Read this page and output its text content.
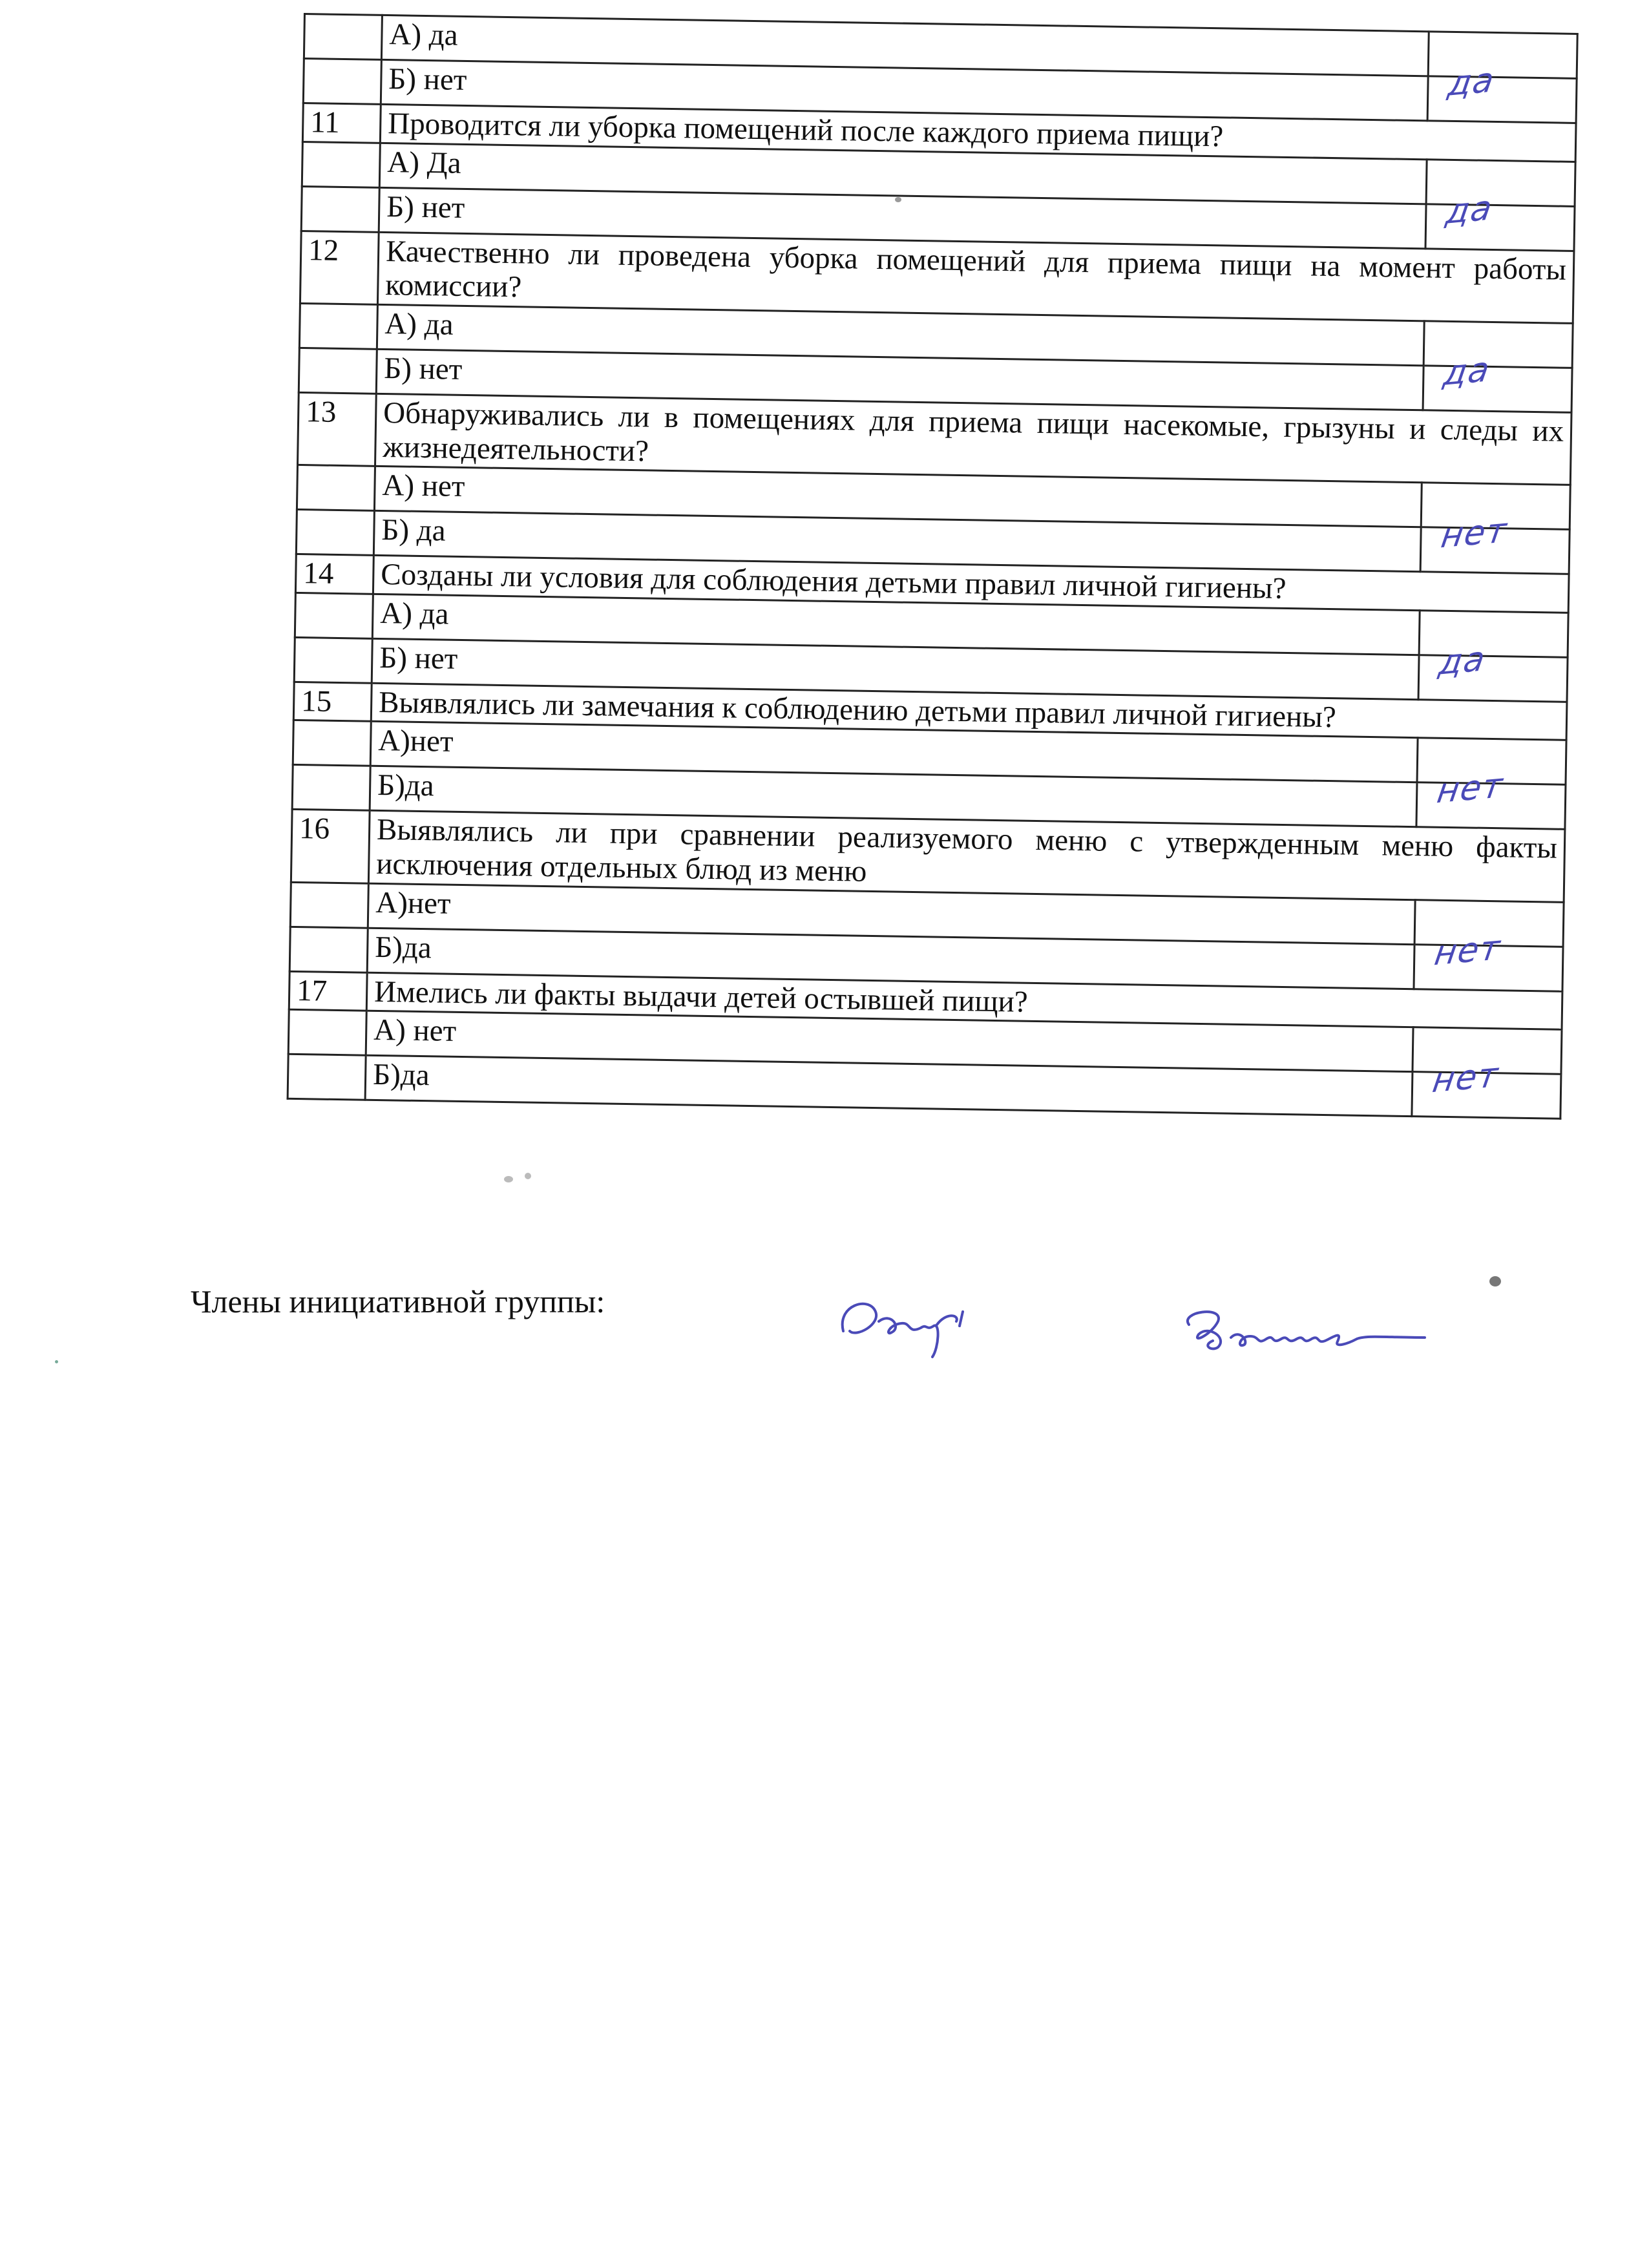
	А) да	
	Б) нет	да

11	Проводится ли уборка помещений после каждого приема пищи?	
	А) Да	
	Б) нет	да

12	Качественно ли проведена уборка помещений для приема пищи на момент работы комиссии?	
	А) да	
	Б) нет	да

13	Обнаруживались ли в помещениях для приема пищи насекомые, грызуны и следы их жизнедеятельности?	
	А) нет	
	Б) да	нет

14	Созданы ли условия для соблюдения детьми правил личной гигиены?	
	А) да	
	Б) нет	да

15	Выявлялись ли замечания к соблюдению детьми правил личной гигиены?	
	А)нет	
	Б)да	нет

16	Выявлялись ли при сравнении реализуемого меню с утвержденным меню факты исключения отдельных блюд из меню	
	А)нет	
	Б)да	нет

17	Имелись ли факты выдачи детей остывшей пищи?	
	А) нет	
	Б)да	нет
Члены инициативной группы:
